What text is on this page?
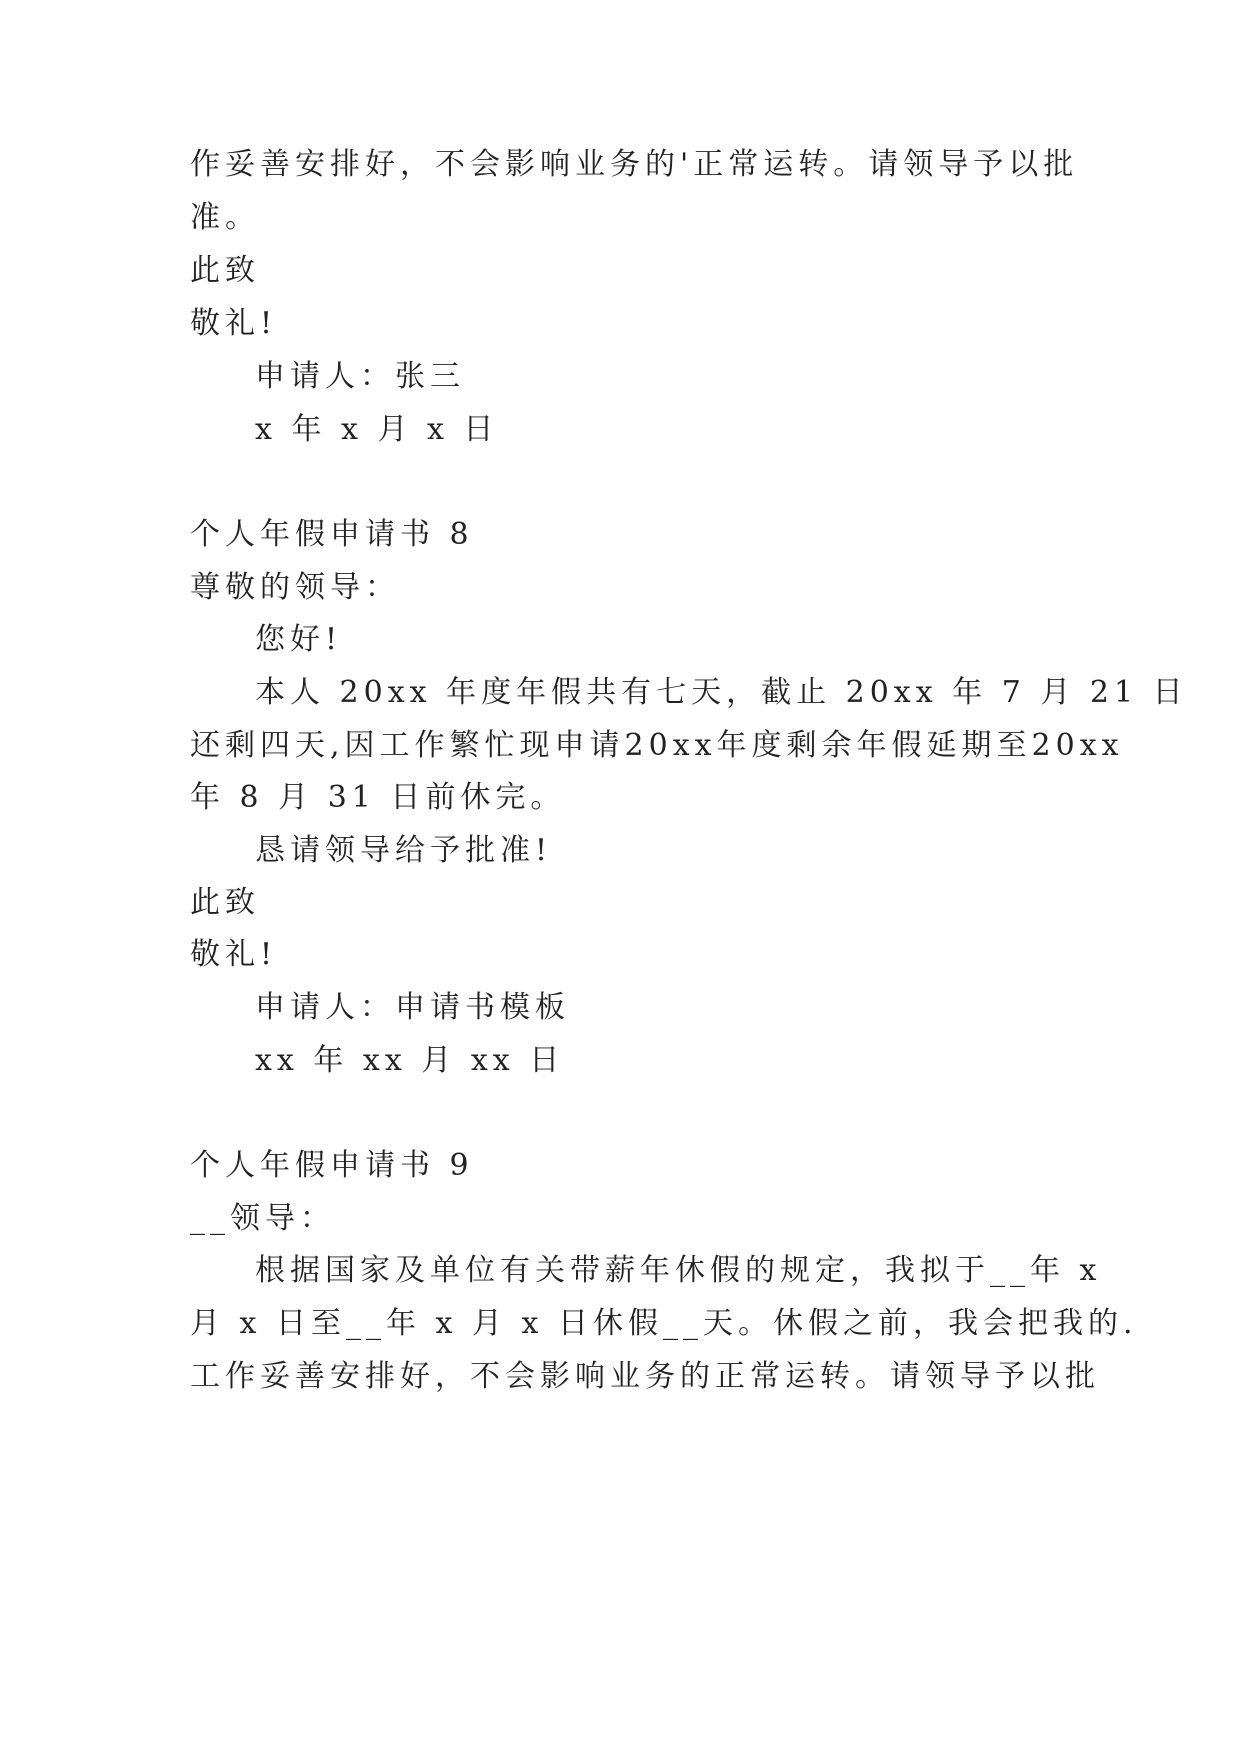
作妥善安排好，不会影响业务的'正常运转。请领导予以批
准。
此致
敬礼!
申请人：张三
x 年 x 月 x 日
个人年假申请书 8
尊敬的领导：
您好!
本人 20xx 年度年假共有七天，截止 20xx 年 7 月 21 日
还剩四天,因工作繁忙现申请20xx年度剩余年假延期至20xx
年 8 月 31 日前休完。
恳请领导给予批准!
此致
敬礼!
申请人：申请书模板
xx 年 xx 月 xx 日
个人年假申请书 9
__领导：
根据国家及单位有关带薪年休假的规定，我拟于__年 x
月 x 日至__年 x 月 x 日休假__天。休假之前，我会把我的.
工作妥善安排好，不会影响业务的正常运转。请领导予以批
